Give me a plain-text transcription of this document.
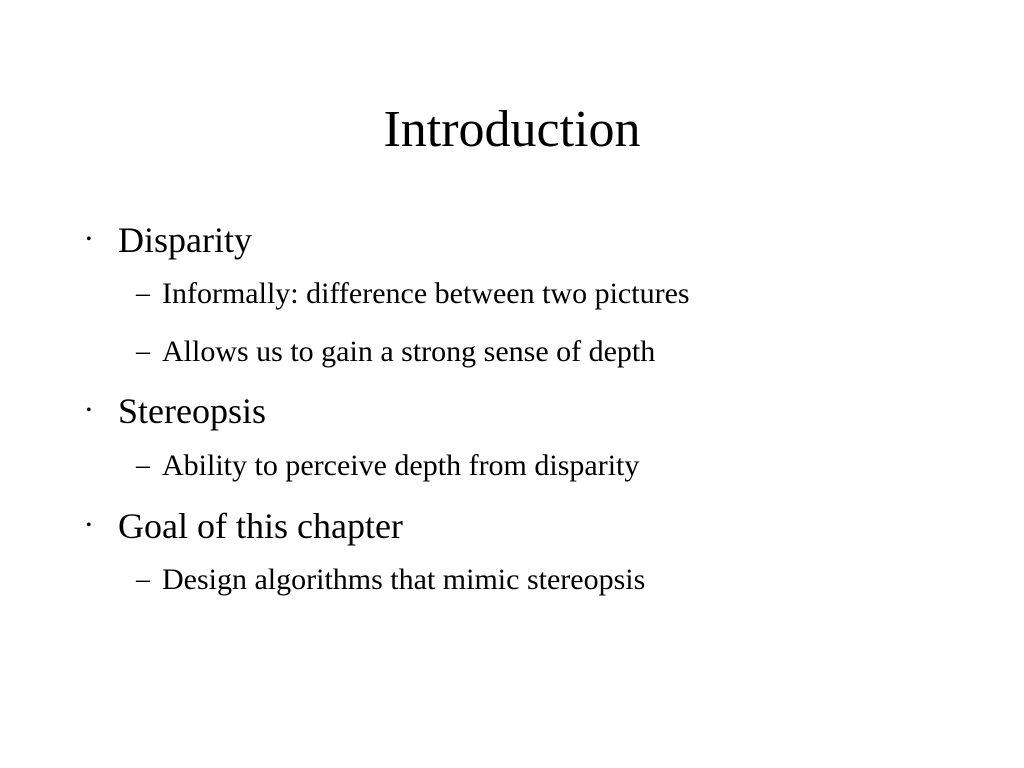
Introduction
• Disparity
– Informally: difference between two pictures
– Allows us to gain a strong sense of depth
• Stereopsis
– Ability to perceive depth from disparity
• Goal of this chapter
– Design algorithms that mimic stereopsis
